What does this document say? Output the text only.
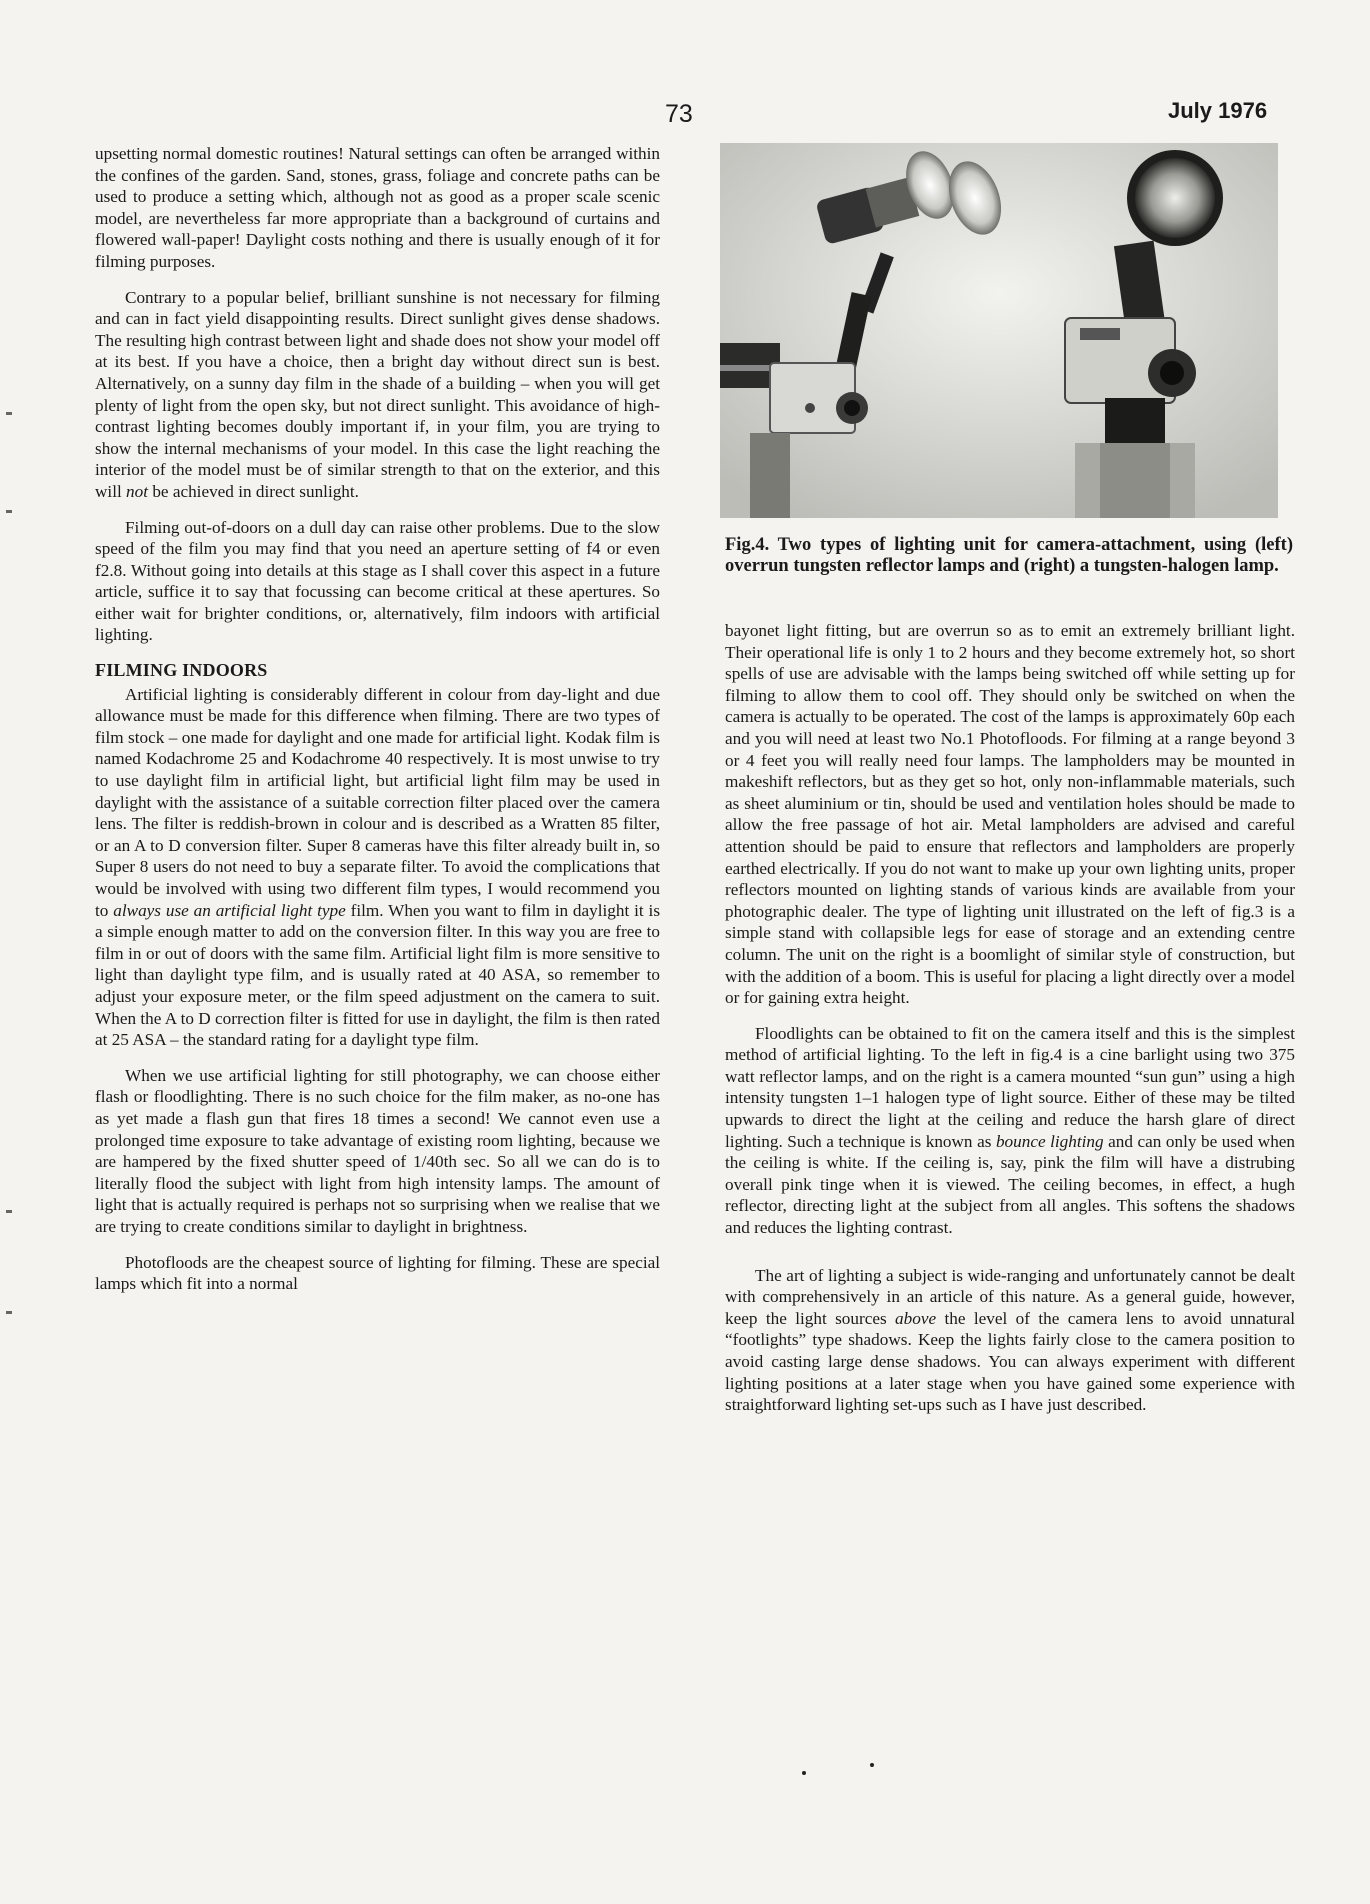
73	July 1976

upsetting normal domestic routines! Natural settings can often be arranged within the confines of the garden. Sand, stones, grass, foliage and concrete paths can be used to produce a setting which, although not as good as a proper scale scenic model, are nevertheless far more appropriate than a background of curtains and flowered wall-paper! Daylight costs nothing and there is usually enough of it for filming purposes.

Contrary to a popular belief, brilliant sunshine is not necessary for filming and can in fact yield disappointing results. Direct sunlight gives dense shadows. The resulting high contrast between light and shade does not show your model off at its best. If you have a choice, then a bright day without direct sun is best. Alternatively, on a sunny day film in the shade of a building – when you will get plenty of light from the open sky, but not direct sunlight. This avoidance of high-contrast lighting becomes doubly important if, in your film, you are trying to show the internal mechanisms of your model. In this case the light reaching the interior of the model must be of similar strength to that on the exterior, and this will not be achieved in direct sunlight.

Filming out-of-doors on a dull day can raise other problems. Due to the slow speed of the film you may find that you need an aperture setting of f4 or even f2.8. Without going into details at this stage as I shall cover this aspect in a future article, suffice it to say that focussing can become critical at these apertures. So either wait for brighter conditions, or, alternatively, film indoors with artificial lighting.

FILMING INDOORS

Artificial lighting is considerably different in colour from day-light and due allowance must be made for this difference when filming. There are two types of film stock – one made for daylight and one made for artificial light. Kodak film is named Kodachrome 25 and Kodachrome 40 respectively. It is most unwise to try to use daylight film in artificial light, but artificial light film may be used in daylight with the assistance of a suitable correction filter placed over the camera lens. The filter is reddish-brown in colour and is described as a Wratten 85 filter, or an A to D conversion filter. Super 8 cameras have this filter already built in, so Super 8 users do not need to buy a separate filter. To avoid the complications that would be involved with using two different film types, I would recommend you to always use an artificial light type film. When you want to film in daylight it is a simple enough matter to add on the conversion filter. In this way you are free to film in or out of doors with the same film. Artificial light film is more sensitive to light than daylight type film, and is usually rated at 40 ASA, so remember to adjust your exposure meter, or the film speed adjustment on the camera to suit. When the A to D correction filter is fitted for use in daylight, the film is then rated at 25 ASA – the standard rating for a daylight type film.

When we use artificial lighting for still photography, we can choose either flash or floodlighting. There is no such choice for the film maker, as no-one has as yet made a flash gun that fires 18 times a second! We cannot even use a prolonged time exposure to take advantage of existing room lighting, because we are hampered by the fixed shutter speed of 1/40th sec. So all we can do is to literally flood the subject with light from high intensity lamps. The amount of light that is actually required is perhaps not so surprising when we realise that we are trying to create conditions similar to daylight in brightness.

Photofloods are the cheapest source of lighting for filming. These are special lamps which fit into a normal

Fig.4. Two types of lighting unit for camera-attachment, using (left) overrun tungsten reflector lamps and (right) a tungsten-halogen lamp.

bayonet light fitting, but are overrun so as to emit an extremely brilliant light. Their operational life is only 1 to 2 hours and they become extremely hot, so short spells of use are advisable with the lamps being switched off while setting up for filming to allow them to cool off. They should only be switched on when the camera is actually to be operated. The cost of the lamps is approximately 60p each and you will need at least two No.1 Photofloods. For filming at a range beyond 3 or 4 feet you will really need four lamps. The lampholders may be mounted in makeshift reflectors, but as they get so hot, only non-inflammable materials, such as sheet aluminium or tin, should be used and ventilation holes should be made to allow the free passage of hot air. Metal lampholders are advised and careful attention should be paid to ensure that reflectors and lampholders are properly earthed electrically. If you do not want to make up your own lighting units, proper reflectors mounted on lighting stands of various kinds are available from your photographic dealer. The type of lighting unit illustrated on the left of fig.3 is a simple stand with collapsible legs for ease of storage and an extending centre column. The unit on the right is a boomlight of similar style of construction, but with the addition of a boom. This is useful for placing a light directly over a model or for gaining extra height.

Floodlights can be obtained to fit on the camera itself and this is the simplest method of artificial lighting. To the left in fig.4 is a cine barlight using two 375 watt reflector lamps, and on the right is a camera mounted “sun gun” using a high intensity tungsten 1–1 halogen type of light source. Either of these may be tilted upwards to direct the light at the ceiling and reduce the harsh glare of direct lighting. Such a technique is known as bounce lighting and can only be used when the ceiling is white. If the ceiling is, say, pink the film will have a distrubing overall pink tinge when it is viewed. The ceiling becomes, in effect, a hugh reflector, directing light at the subject from all angles. This softens the shadows and reduces the lighting contrast.

The art of lighting a subject is wide-ranging and unfortunately cannot be dealt with comprehensively in an article of this nature. As a general guide, however, keep the light sources above the level of the camera lens to avoid unnatural “footlights” type shadows. Keep the lights fairly close to the camera position to avoid casting large dense shadows. You can always experiment with different lighting positions at a later stage when you have gained some experience with straightforward lighting set-ups such as I have just described.
